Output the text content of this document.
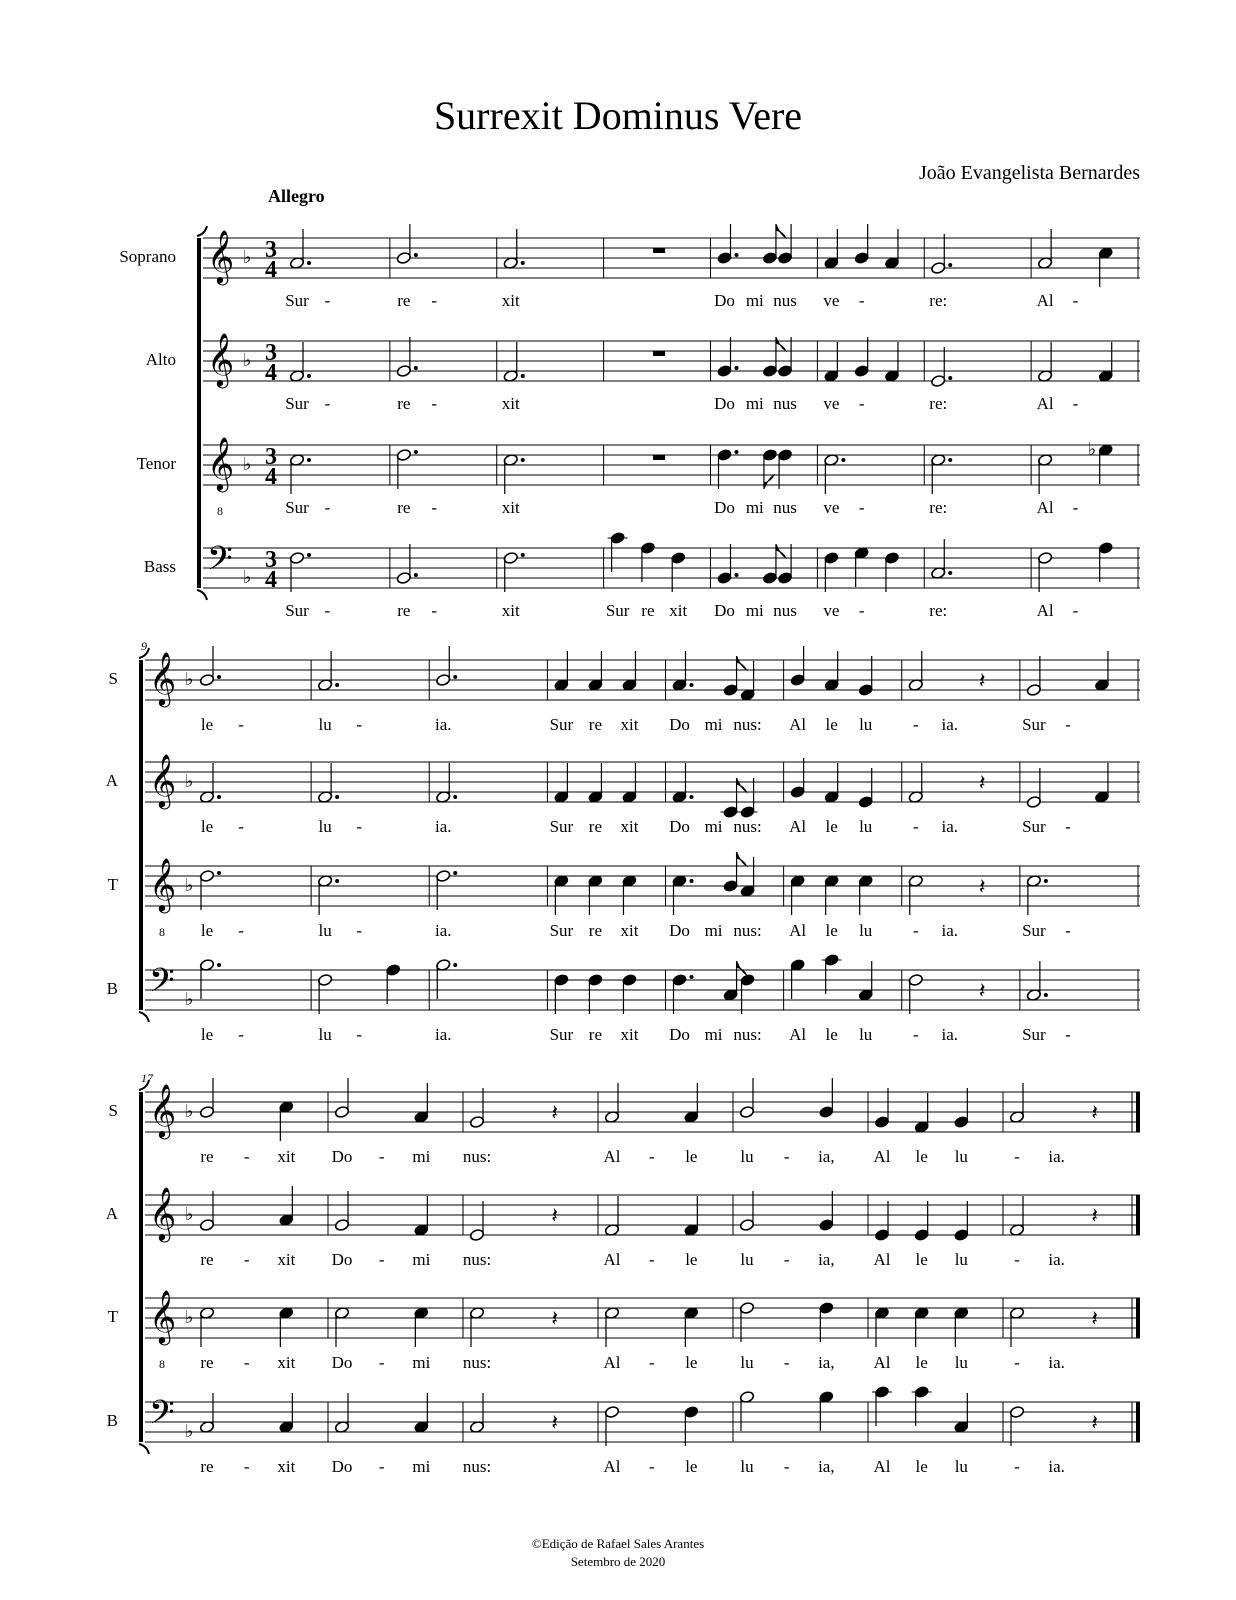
Surrexit Dominus Vere
João Evangelista Bernardes
Allegro
Soprano 𝄞 ♭ 3
4
Sur -	re -	xit	Do mi nus ve -	re:	Al -
Alto 𝄞 ♭ 3
4
Sur -	re -	xit	Do mi nus ve -	re:	Al -
Tenor 𝄞
8
♭ 3
4
Sur -	re -	xit	Do mi nus ve -	re:
♭
Al -
Bass 𝄢 ♭
3
4
Sur -	re -	xit	Sur re xit Do mi nus ve -	re:	Al -
9
S 𝄞 ♭
le -	lu -	ia.	Sur re xit Do mi nus: Al le lu
𝄽
- ia.	Sur -
A 𝄞 ♭
le -	lu -	ia.	Sur re xit Do mi nus: Al le lu
𝄽
- ia.	Sur -
T 𝄞
8
♭
le -	lu -	ia.	Sur re xit Do mi nus: Al le lu
𝄽
- ia.	Sur -
B 𝄢 ♭
le -	lu -	ia.	Sur re xit Do mi nus: Al le lu
𝄽
- ia.	Sur -
17
S 𝄞 ♭
re - xit Do - mi
𝄽
nus:	Al - le	lu - ia, Al le lu
𝄽
- ia.
A 𝄞 ♭
re - xit Do - mi
𝄽
nus:	Al - le	lu - ia, Al le lu
𝄽
- ia.
T 𝄞
8
♭
re - xit Do - mi
𝄽
nus:	Al - le	lu - ia, Al le lu
𝄽
- ia.
B 𝄢 ♭
re - xit Do - mi
𝄽
nus:	Al - le	lu - ia, Al le lu
𝄽
- ia.
©Edição de Rafael Sales Arantes
Setembro de 2020
